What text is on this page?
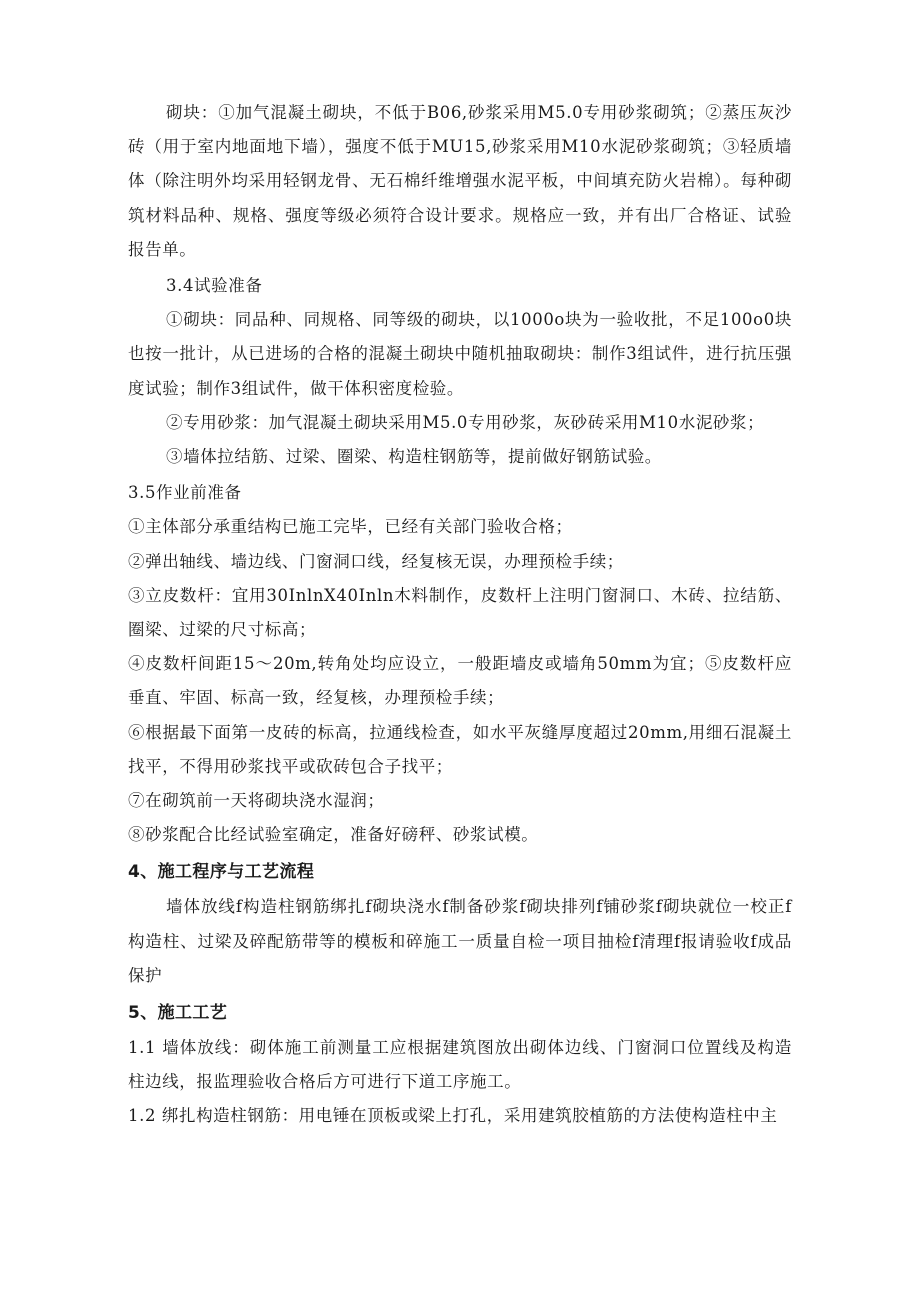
砌块：①加气混凝土砌块，不低于B06,砂浆采用M5.0专用砂浆砌筑；②蒸压灰沙砖（用于室内地面地下墙），强度不低于MU15,砂浆采用M10水泥砂浆砌筑；③轻质墙体（除注明外均采用轻钢龙骨、无石棉纤维增强水泥平板，中间填充防火岩棉）。每种砌筑材料品种、规格、强度等级必须符合设计要求。规格应一致，并有出厂合格证、试验报告单。

3.4试验准备

①砌块：同品种、同规格、同等级的砌块，以1000o块为一验收批，不足100o0块也按一批计，从已进场的合格的混凝土砌块中随机抽取砌块：制作3组试件，进行抗压强度试验；制作3组试件，做干体积密度检验。

②专用砂浆：加气混凝土砌块采用M5.0专用砂浆，灰砂砖采用M10水泥砂浆；

③墙体拉结筋、过梁、圈梁、构造柱钢筋等，提前做好钢筋试验。

3.5作业前准备

①主体部分承重结构已施工完毕，已经有关部门验收合格；

②弹出轴线、墙边线、门窗洞口线，经复核无误，办理预检手续；

③立皮数杆：宜用30InlnX40Inln木料制作，皮数杆上注明门窗洞口、木砖、拉结筋、圈梁、过梁的尺寸标高；

④皮数杆间距15～20m,转角处均应设立，一般距墙皮或墙角50mm为宜；⑤皮数杆应垂直、牢固、标高一致，经复核，办理预检手续；

⑥根据最下面第一皮砖的标高，拉通线检查，如水平灰缝厚度超过20mm,用细石混凝土找平，不得用砂浆找平或砍砖包合子找平；

⑦在砌筑前一天将砌块浇水湿润；

⑧砂浆配合比经试验室确定，准备好磅秤、砂浆试模。

4、施工程序与工艺流程

墙体放线f构造柱钢筋绑扎f砌块浇水f制备砂浆f砌块排列f铺砂浆f砌块就位一校正f构造柱、过梁及碎配筋带等的模板和碎施工一质量自检一项目抽检f清理f报请验收f成品保护

5、施工工艺

1.1 墙体放线：砌体施工前测量工应根据建筑图放出砌体边线、门窗洞口位置线及构造柱边线，报监理验收合格后方可进行下道工序施工。

1.2 绑扎构造柱钢筋：用电锤在顶板或梁上打孔，采用建筑胶植筋的方法使构造柱中主
